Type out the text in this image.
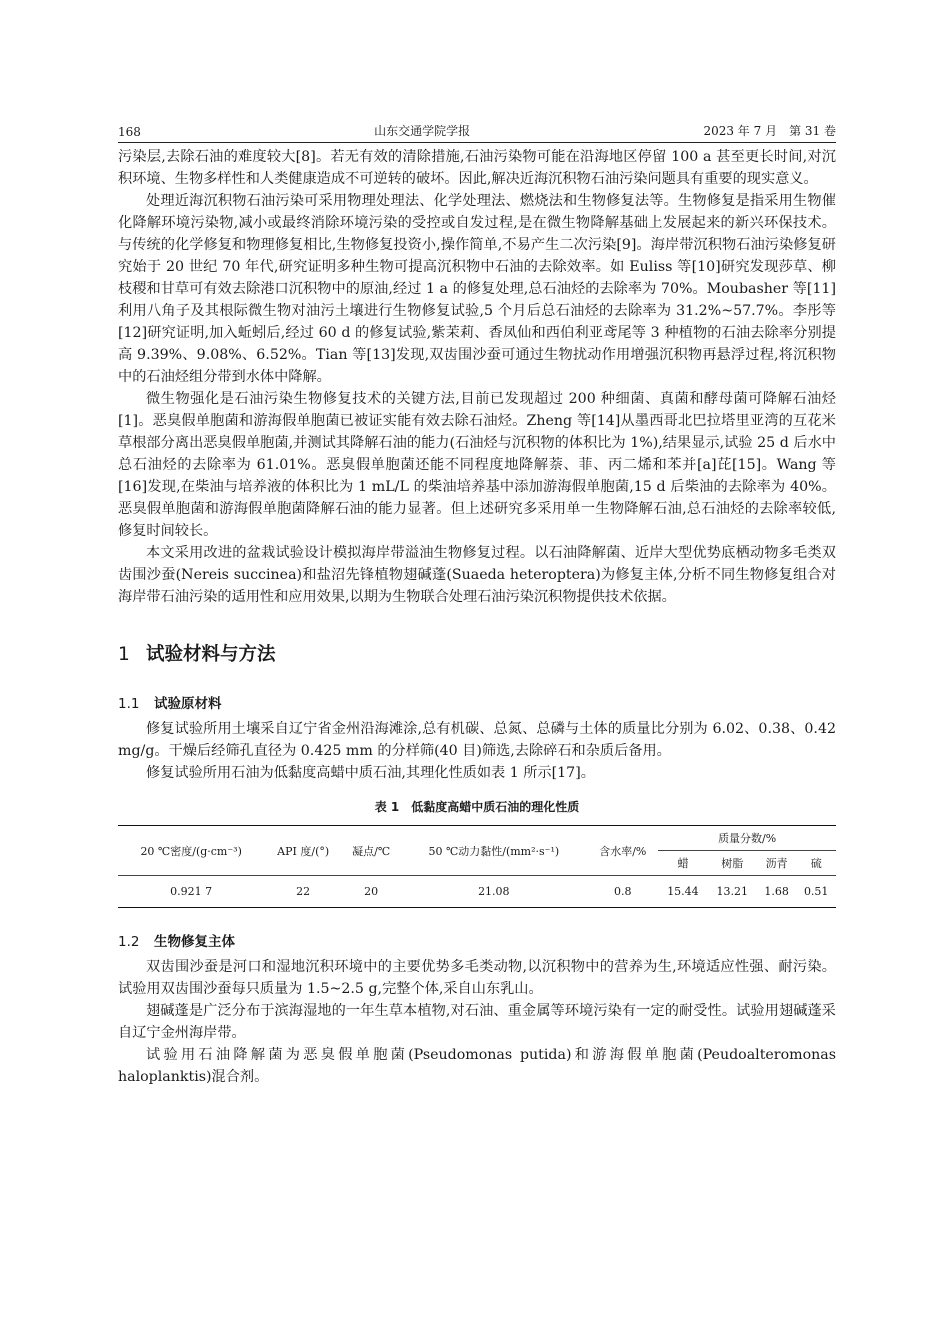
168	山东交通学院学报	2023 年 7 月　第 31 卷

污染层,去除石油的难度较大[8]。若无有效的清除措施,石油污染物可能在沿海地区停留 100 a 甚至更长时间,对沉积环境、生物多样性和人类健康造成不可逆转的破坏。因此,解决近海沉积物石油污染问题具有重要的现实意义。

处理近海沉积物石油污染可采用物理处理法、化学处理法、燃烧法和生物修复法等。生物修复是指采用生物催化降解环境污染物,减小或最终消除环境污染的受控或自发过程,是在微生物降解基础上发展起来的新兴环保技术。与传统的化学修复和物理修复相比,生物修复投资小,操作简单,不易产生二次污染[9]。海岸带沉积物石油污染修复研究始于 20 世纪 70 年代,研究证明多种生物可提高沉积物中石油的去除效率。如 Euliss 等[10]研究发现莎草、柳枝稷和甘草可有效去除港口沉积物中的原油,经过 1 a 的修复处理,总石油烃的去除率为 70%。Moubasher 等[11]利用八角子及其根际微生物对油污土壤进行生物修复试验,5 个月后总石油烃的去除率为 31.2%~57.7%。李彤等[12]研究证明,加入蚯蚓后,经过 60 d 的修复试验,紫茉莉、香凤仙和西伯利亚鸢尾等 3 种植物的石油去除率分别提高 9.39%、9.08%、6.52%。Tian 等[13]发现,双齿围沙蚕可通过生物扰动作用增强沉积物再悬浮过程,将沉积物中的石油烃组分带到水体中降解。

微生物强化是石油污染生物修复技术的关键方法,目前已发现超过 200 种细菌、真菌和酵母菌可降解石油烃[1]。恶臭假单胞菌和游海假单胞菌已被证实能有效去除石油烃。Zheng 等[14]从墨西哥北巴拉塔里亚湾的互花米草根部分离出恶臭假单胞菌,并测试其降解石油的能力(石油烃与沉积物的体积比为 1%),结果显示,试验 25 d 后水中总石油烃的去除率为 61.01%。恶臭假单胞菌还能不同程度地降解萘、菲、丙二烯和苯并[a]芘[15]。Wang 等[16]发现,在柴油与培养液的体积比为 1 mL/L 的柴油培养基中添加游海假单胞菌,15 d 后柴油的去除率为 40%。恶臭假单胞菌和游海假单胞菌降解石油的能力显著。但上述研究多采用单一生物降解石油,总石油烃的去除率较低,修复时间较长。

本文采用改进的盆栽试验设计模拟海岸带溢油生物修复过程。以石油降解菌、近岸大型优势底栖动物多毛类双齿围沙蚕(Nereis succinea)和盐沼先锋植物翅碱蓬(Suaeda heteroptera)为修复主体,分析不同生物修复组合对海岸带石油污染的适用性和应用效果,以期为生物联合处理石油污染沉积物提供技术依据。

1 试验材料与方法
1.1 试验原材料

修复试验所用土壤采自辽宁省金州沿海滩涂,总有机碳、总氮、总磷与土体的质量比分别为 6.02、0.38、0.42 mg/g。干燥后经筛孔直径为 0.425 mm 的分样筛(40 目)筛选,去除碎石和杂质后备用。

修复试验所用石油为低黏度高蜡中质石油,其理化性质如表 1 所示[17]。

表 1　低黏度高蜡中质石油的理化性质
20 ℃密度/(g·cm⁻³)	API 度/(°)	凝点/℃	50 ℃动力黏性/(mm²·s⁻¹)	含水率/%	质量分数/%			
					蜡	树脂	沥青	硫
0.921 7	22	20	21.08	0.8	15.44	13.21	1.68	0.51
1.2 生物修复主体

双齿围沙蚕是河口和湿地沉积环境中的主要优势多毛类动物,以沉积物中的营养为生,环境适应性强、耐污染。试验用双齿围沙蚕每只质量为 1.5~2.5 g,完整个体,采自山东乳山。

翅碱蓬是广泛分布于滨海湿地的一年生草本植物,对石油、重金属等环境污染有一定的耐受性。试验用翅碱蓬采自辽宁金州海岸带。

试验用石油降解菌为恶臭假单胞菌(Pseudomonas putida)和游海假单胞菌(Peudoalteromonas haloplanktis)混合剂。
